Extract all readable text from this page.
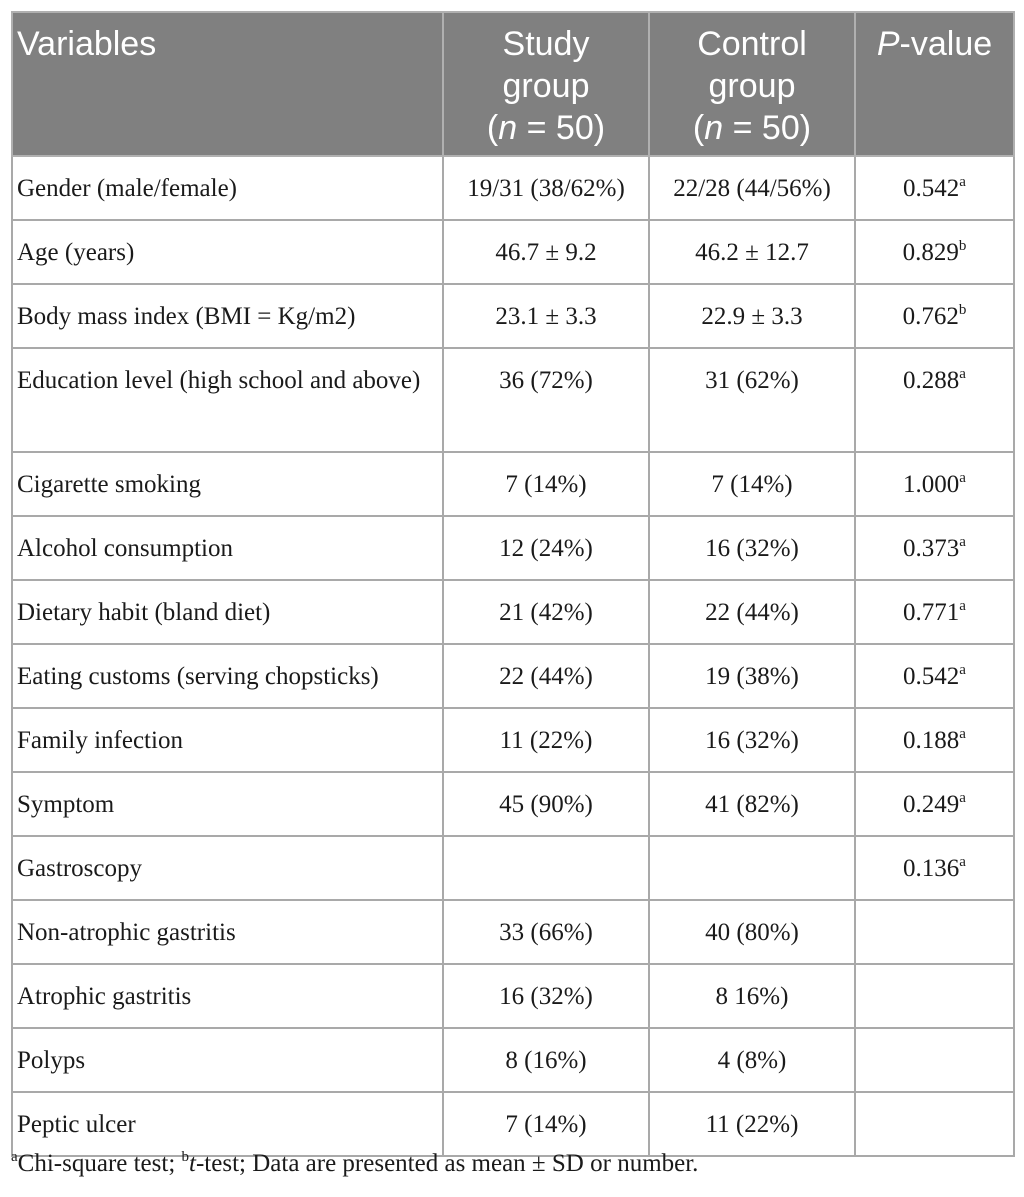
Variables	Study
group
(n = 50)	Control
group
(n = 50)	P-value
Gender (male/female)	19/31 (38/62%)	22/28 (44/56%)	0.542$^a$
Age (years)	46.7 ± 9.2	46.2 ± 12.7	0.829$^b$
Body mass index (BMI = Kg/m2)	23.1 ± 3.3	22.9 ± 3.3	0.762$^b$
Education level (high school and above)	36 (72%)	31 (62%)	0.288$^a$
Cigarette smoking	7 (14%)	7 (14%)	1.000$^a$
Alcohol consumption	12 (24%)	16 (32%)	0.373$^a$
Dietary habit (bland diet)	21 (42%)	22 (44%)	0.771$^a$
Eating customs (serving chopsticks)	22 (44%)	19 (38%)	0.542$^a$
Family infection	11 (22%)	16 (32%)	0.188$^a$
Symptom	45 (90%)	41 (82%)	0.249$^a$
Gastroscopy			0.136$^a$
Non-atrophic gastritis	33 (66%)	40 (80%)	
Atrophic gastritis	16 (32%)	8 16%)	
Polyps	8 (16%)	4 (8%)	
Peptic ulcer	7 (14%)	11 (22%)	
$^a$Chi-square test; $^b$t-test; Data are presented as mean ± SD or number.
